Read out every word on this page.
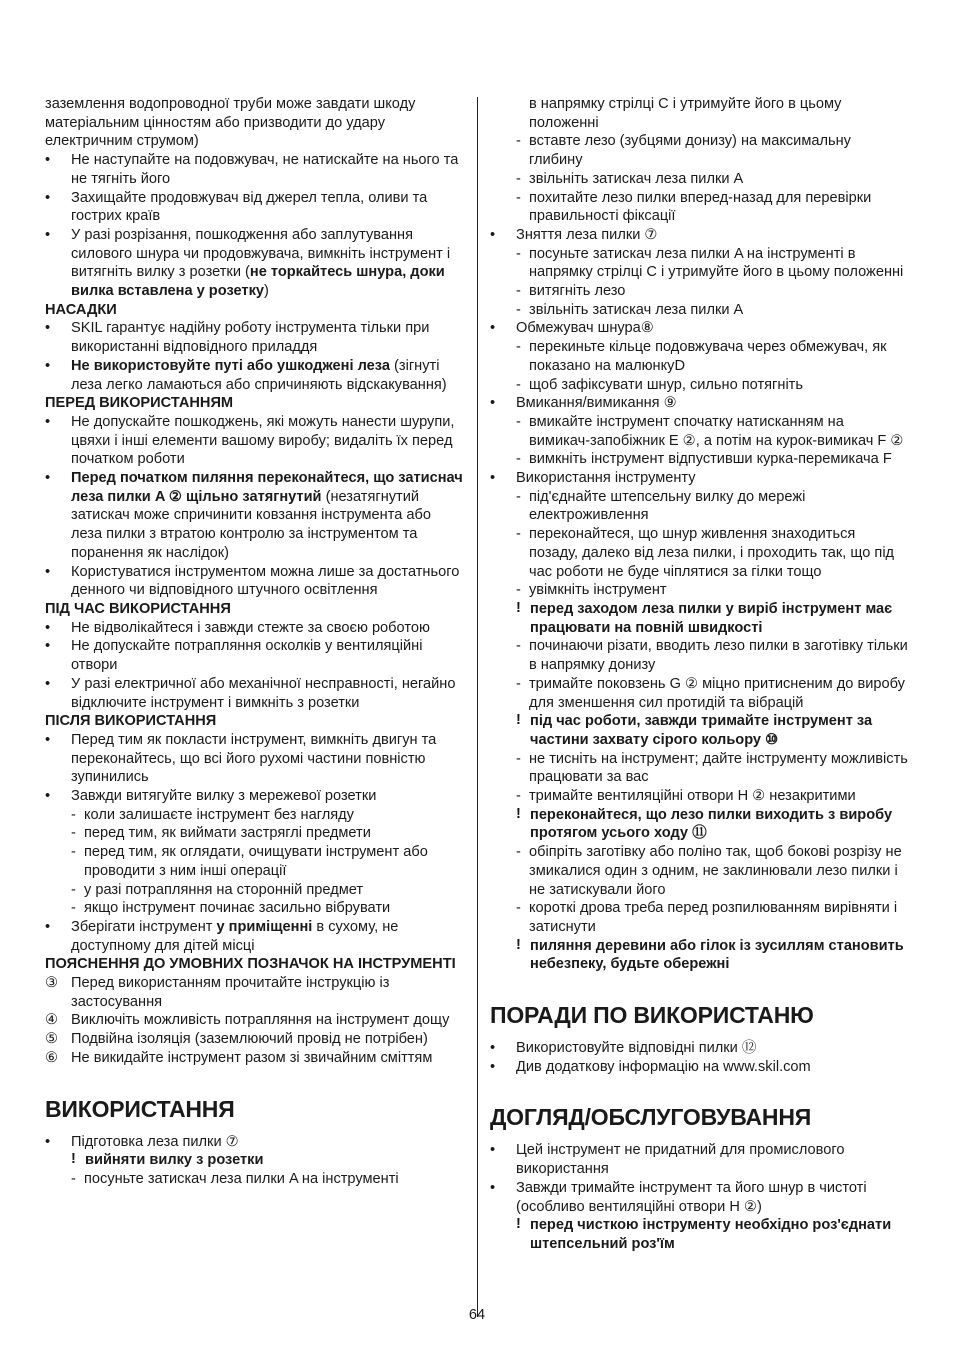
заземлення водопроводної труби може завдати шкоду матеріальним цінностям або призводити до удару електричним струмом)
• Не наступайте на подовжувач, не натискайте на нього та не тягніть його
• Захищайте продовжувач від джерел тепла, оливи та гострих країв
• У разі розрізання, пошкодження або заплутування силового шнура чи продовжувача, вимкніть інструмент і витягніть вилку з розетки (не торкайтесь шнура, доки вилка вставлена у розетку)
НАСАДКИ
• SKIL гарантує надійну роботу інструмента тільки при використанні відповідного приладдя
• Не використовуйте путі або ушкоджені леза (зігнуті леза легко ламаються або спричиняють відскакування)
ПЕРЕД ВИКОРИСТАННЯМ
• Не допускайте пошкоджень, які можуть нанести шурупи, цвяхи і інші елементи вашому виробу; видаліть їх перед початком роботи
• Перед початком пиляння переконайтеся, що затиснач леза пилки A ② щільно затягнутий (незатягнутий затискач може спричинити ковзання інструмента або леза пилки з втратою контролю за інструментом та поранення як наслідок)
• Користуватися інструментом можна лише за достатнього денного чи відповідного штучного освітлення
ПІД ЧАС ВИКОРИСТАННЯ
• Не відволікайтеся і завжди стежте за своєю роботою
• Не допускайте потрапляння осколків у вентиляційні отвори
• У разі електричної або механічної несправності, негайно відключите інструмент і вимкніть з розетки
ПІСЛЯ ВИКОРИСТАННЯ
• Перед тим як покласти інструмент, вимкніть двигун та переконайтесь, що всі його рухомі частини повністю зупинились
• Завжди витягуйте вилку з мережевої розетки
- коли залишаєте інструмент без нагляду
- перед тим, як виймати застряглі предмети
- перед тим, як оглядати, очищувати інструмент або проводити з ним інші операції
- у разі потрапляння на сторонній предмет
- якщо інструмент починає засильно вібрувати
• Зберігати інструмент у приміщенні в сухому, не доступному для дітей місці
ПОЯСНЕННЯ ДО УМОВНИХ ПОЗНАЧОК НА ІНСТРУМЕНТІ
③ Перед використанням прочитайте інструкцію із застосування
④ Виключіть можливість потрапляння на інструмент дощу
⑤ Подвійна ізоляція (заземлюючий провід не потрібен)
⑥ Не викидайте інструмент разом зі звичайним сміттям
ВИКОРИСТАННЯ
• Підготовка леза пилки ⑦
! вийняти вилку з розетки
- посуньте затискач леза пилки A на інструменті
в напрямку стрілці C і утримуйте його в цьому положенні
- вставте лезо (зубцями донизу) на максимальну глибину
- звільніть затискач леза пилки A
- похитайте лезо пилки вперед-назад для перевірки правильності фіксації
• Зняття леза пилки ⑦
- посуньте затискач леза пилки A на інструменті в напрямку стрілці C і утримуйте його в цьому положенні
- витягніть лезо
- звільніть затискач леза пилки A
• Обмежувач шнура⑧
- перекиньте кільце подовжувача через обмежувач, як показано на малюнкуD
- щоб зафіксувати шнур, сильно потягніть
• Вмикання/вимикання ⑨
- вмикайте інструмент спочатку натисканням на вимикач-запобіжник E ②, а потім на курок-вимикач F ②
- вимкніть інструмент відпустивши курка-перемикача F
• Використання інструменту
- під'єднайте штепсельну вилку до мережі електроживлення
- переконайтеся, що шнур живлення знаходиться позаду, далеко від леза пилки, і проходить так, що під час роботи не буде чіплятися за гілки тощо
- увімкніть інструмент
! перед заходом леза пилки у виріб інструмент має працювати на повній швидкості
- починаючи різати, вводить лезо пилки в заготівку тільки в напрямку донизу
- тримайте поковзень G ② міцно притисненим до виробу для зменшення сил протидій та вібрацій
! під час роботи, завжди тримайте інструмент за частини захвату сірого кольору ⑩
- не тисніть на інструмент; дайте інструменту можливість працювати за вас
- тримайте вентиляційні отвори H ② незакритими
! переконайтеся, що лезо пилки виходить з виробу протягом усього ходу ⑪
- обіпріть заготівку або поліно так, щоб бокові розрізу не змикалися один з одним, не заклинювали лезо пилки і не затискували його
- короткі дрова треба перед розпилюванням вирівняти і затиснути
! пиляння деревини або гілок із зусиллям становить небезпеку, будьте обережні
ПОРАДИ ПО ВИКОРИСТАНЮ
• Використовуйте відповідні пилки ⑫
• Див додаткову інформацію на www.skil.com
ДОГЛЯД/ОБСЛУГОВУВАННЯ
• Цей інструмент не придатний для промислового використання
• Завжди тримайте інструмент та його шнур в чистоті (особливо вентиляційні отвори H ②)
! перед чисткою інструменту необхідно роз'єднати штепсельний роз'їм
64
